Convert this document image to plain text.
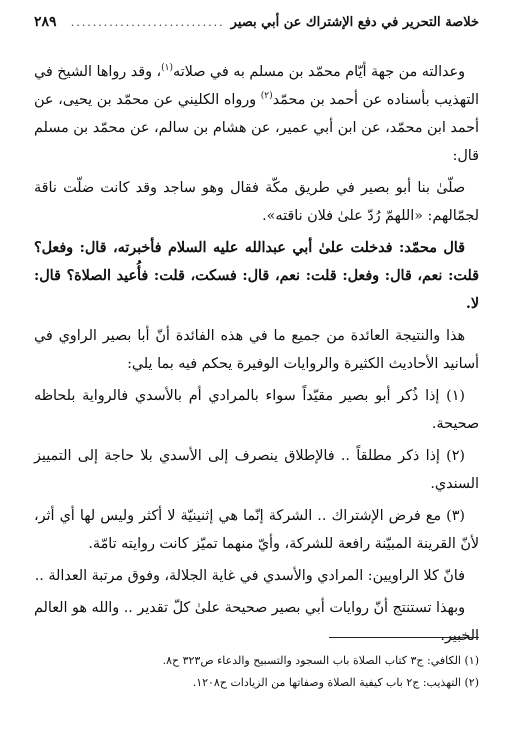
خلاصة التحرير في دفع الإشتراك عن أبي بصير
............................
٢٨٩

وعدالته من جهة أيّام محمّد بن مسلم به في صلاته$^{(١)}$، وقد رواها الشيخ في التهذيب بأسناده عن أحمد بن محمّد$^{(٢)}$ ورواه الكليني عن محمّد بن يحيى، عن أحمد ابن محمّد، عن ابن أبي عمير، عن هشام بن سالم، عن محمّد بن مسلم قال:

صلّىٰ بنا أبو بصير في طريق مكّة فقال وهو ساجد وقد كانت ضلّت ناقة لجمّالهم: «اللهمّ رُدّ علىٰ فلان ناقته».

قال محمّد: فدخلت علىٰ أبي عبدالله عليه السلام فأخبرته، قال: وفعل؟ قلت: نعم، قال: وفعل: قلت: نعم، قال: فسكت، قلت: فأُعيد الصلاة؟ قال: لا.

هذا والنتيجة العائدة من جميع ما في هذه الفائدة أنّ أبا بصير الراوي في أسانيد الأحاديث الكثيرة والروايات الوفيرة يحكم فيه بما يلي:

(١) إذا ذُكر أبو بصير مقيّداً سواء بالمرادي أم بالأسدي فالرواية بلحاظه صحيحة.

(٢) إذا ذكر مطلقاً .. فالإطلاق ينصرف إلى الأسدي بلا حاجة إلى التمييز السندي.

(٣) مع فرض الإشتراك .. الشركة إنّما هي إثنينيّة لا أكثر وليس لها أي أثر، لأنّ القرينة المبيّنة رافعة للشركة، وأيّ منهما تميّز كانت روايته تامّة.

فانّ كلا الراويين: المرادي والأسدي في غاية الجلالة، وفوق مرتبة العدالة ..

وبهذا تستنتج أنّ روايات أبي بصير صحيحة علىٰ كلّ تقدير .. والله هو العالم الخبير.

(١) الكافي: ج٣ كتاب الصلاة باب السجود والتسبيح والدعاء ص٣٢٣ ح٨.
(٢) التهذيب: ج٢ باب كيفية الصلاة وصفاتها من الزيادات ح١٢٠٨.
